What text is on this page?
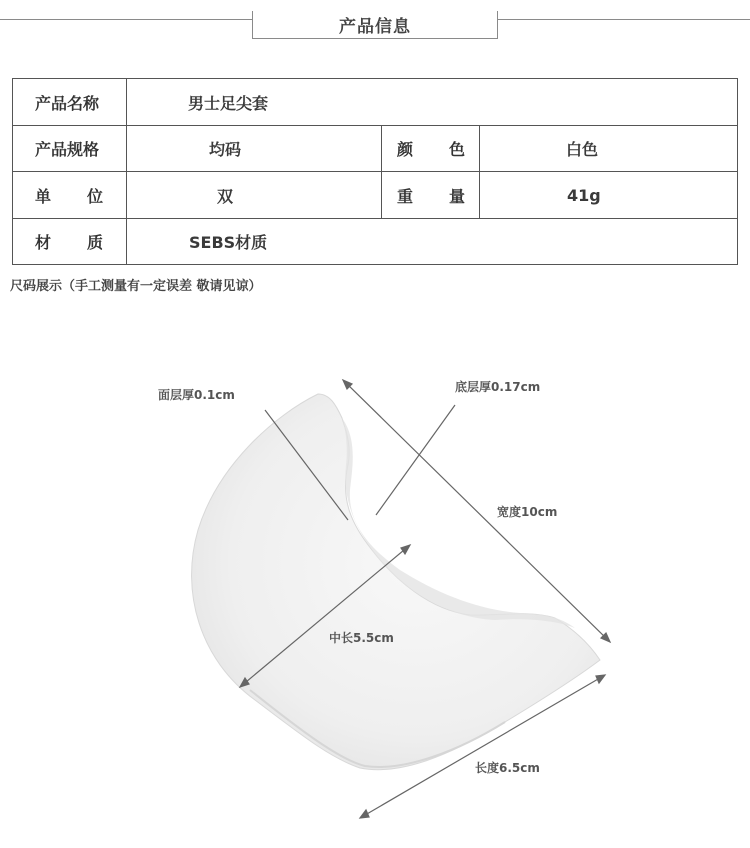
产品信息
产品名称	男士足尖套		
产品规格	均码	颜 色	白色

单 位	双	重 量	41g

材 质	SEBS材质		
尺码展示（手工测量有一定误差 敬请见谅）
面层厚0.1cm
底层厚0.17cm
宽度10cm
中长5.5cm
长度6.5cm
